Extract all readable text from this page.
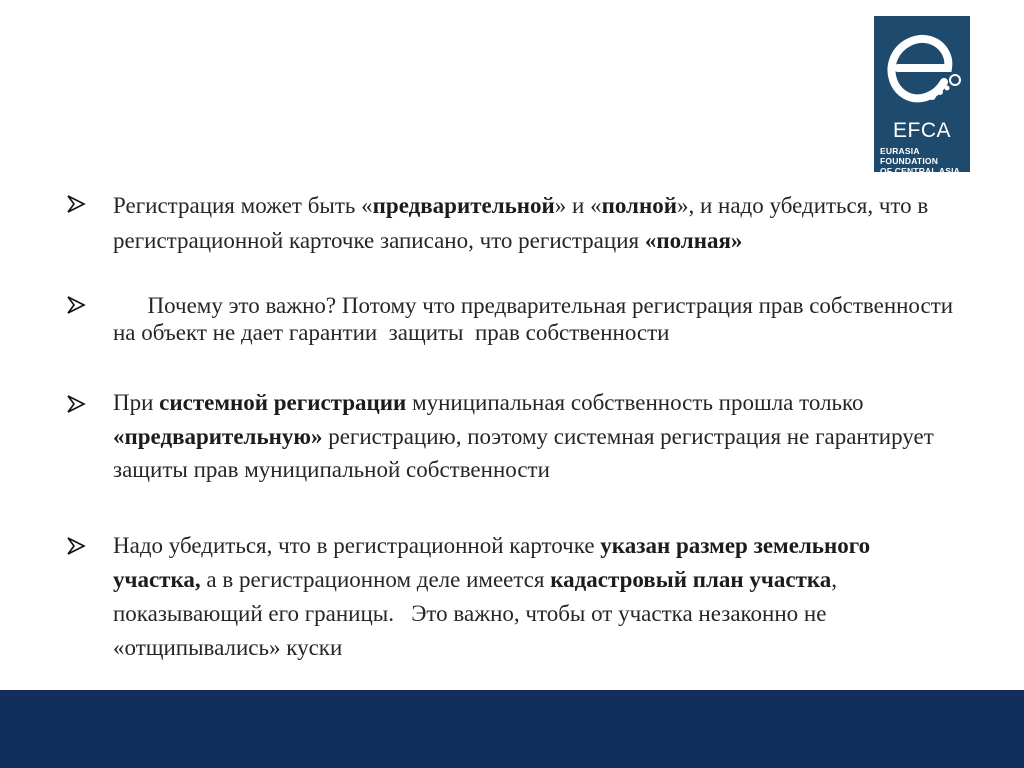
EFCA
EURASIA FOUNDATION
OF CENTRAL ASIA
Регистрация может быть «предварительной» и «полной», и надо убедиться, что в регистрационной карточке записано, что регистрация «полная»
Почему это важно? Потому что предварительная регистрация прав собственности на объект не дает гарантии  защиты  прав собственности
При системной регистрации муниципальная собственность прошла только «предварительную» регистрацию, поэтому системная регистрация не гарантирует защиты прав муниципальной собственности
Надо убедиться, что в регистрационной карточке указан размер земельного участка, а в регистрационном деле имеется кадастровый план участка, показывающий его границы.   Это важно, чтобы от участка незаконно не «отщипывались» куски
